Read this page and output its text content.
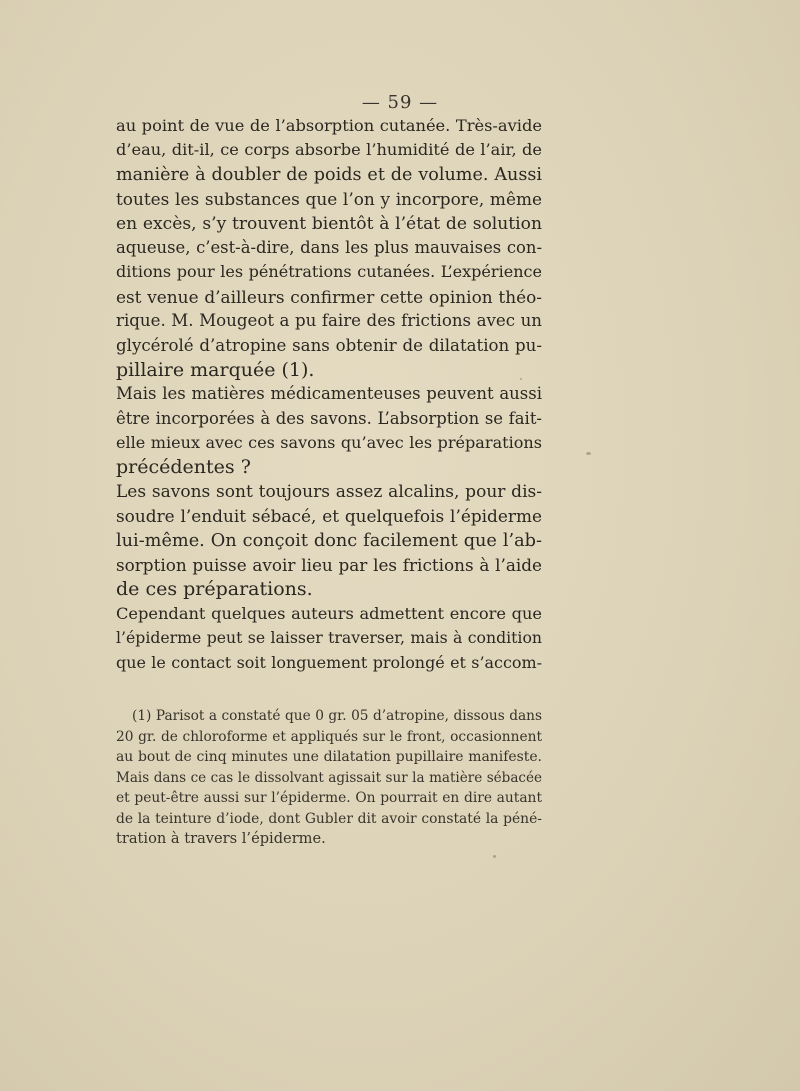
— 59 —
au point de vue de l’absorption cutanée. Très-avide
d’eau, dit-il, ce corps absorbe l’humidité de l’air, de
manière à doubler de poids et de volume. Aussi
toutes les substances que l’on y incorpore, même
en excès, s’y trouvent bientôt à l’état de solution
aqueuse, c’est-à-dire, dans les plus mauvaises con-
ditions pour les pénétrations cutanées. L’expérience
est venue d’ailleurs confirmer cette opinion théo-
rique. M. Mougeot a pu faire des frictions avec un
glycérolé d’atropine sans obtenir de dilatation pu-
pillaire marquée (1).
Mais les matières médicamenteuses peuvent aussi
être incorporées à des savons. L’absorption se fait-
elle mieux avec ces savons qu’avec les préparations
précédentes ?
Les savons sont toujours assez alcalins, pour dis-
soudre l’enduit sébacé, et quelquefois l’épiderme
lui-même. On conçoit donc facilement que l’ab-
sorption puisse avoir lieu par les frictions à l’aide
de ces préparations.
Cependant quelques auteurs admettent encore que
l’épiderme peut se laisser traverser, mais à condition
que le contact soit longuement prolongé et s’accom-
(1) Parisot a constaté que 0 gr. 05 d’atropine, dissous dans
20 gr. de chloroforme et appliqués sur le front, occasionnent
au bout de cinq minutes une dilatation pupillaire manifeste.
Mais dans ce cas le dissolvant agissait sur la matière sébacée
et peut-être aussi sur l’épiderme. On pourrait en dire autant
de la teinture d’iode, dont Gubler dit avoir constaté la péné-
tration à travers l’épiderme.
